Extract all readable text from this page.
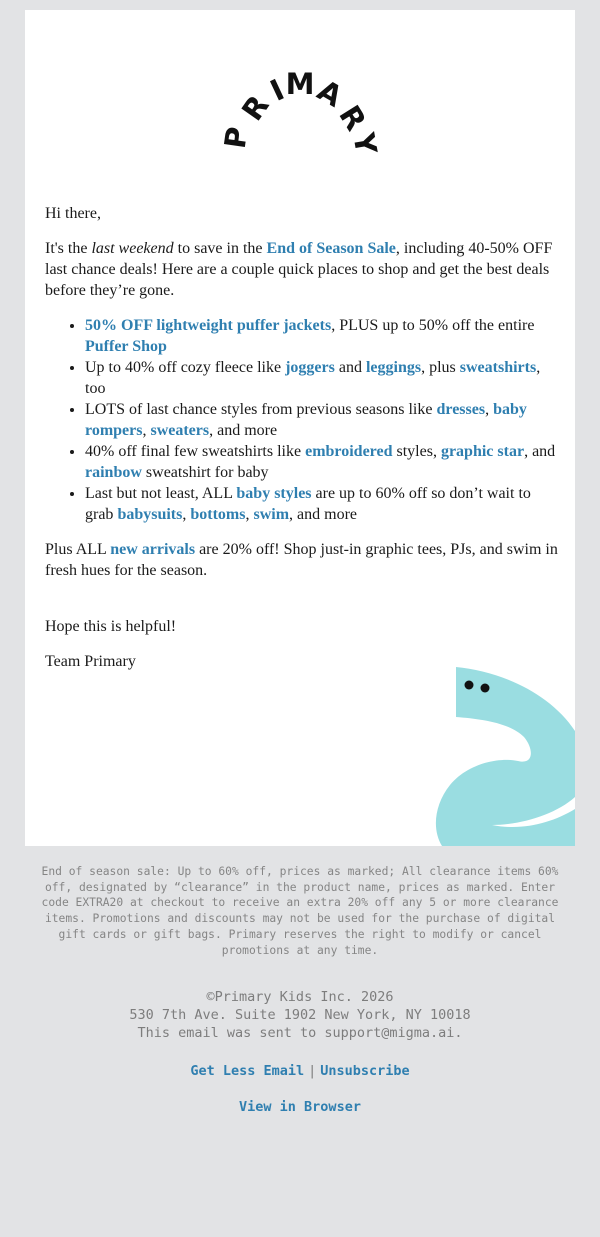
P
R
I
M
A
R
Y

Hi there,

It's the last weekend to save in the End of Season Sale, including 40-50% OFF last chance deals! Here are a couple quick places to shop and get the best deals before they’re gone.

• 50% OFF lightweight puffer jackets, PLUS up to 50% off the entire Puffer Shop
• Up to 40% off cozy fleece like joggers and leggings, plus sweatshirts, too
• LOTS of last chance styles from previous seasons like dresses, baby rompers, sweaters, and more
• 40% off final few sweatshirts like embroidered styles, graphic star, and rainbow sweatshirt for baby
• Last but not least, ALL baby styles are up to 60% off so don’t wait to grab babysuits, bottoms, swim, and more

Plus ALL new arrivals are 20% off! Shop just-in graphic tees, PJs, and swim in fresh hues for the season.

Hope this is helpful!

Team Primary

End of season sale: Up to 60% off, prices as marked; All clearance items 60% off, designated by “clearance” in the product name, prices as marked. Enter code EXTRA20 at checkout to receive an extra 20% off any 5 or more clearance items. Promotions and discounts may not be used for the purchase of digital gift cards or gift bags. Primary reserves the right to modify or cancel promotions at any time.
©Primary Kids Inc. 2026
530 7th Ave. Suite 1902 New York, NY 10018
This email was sent to support@migma.ai.
Get Less Email | Unsubscribe
View in Browser
